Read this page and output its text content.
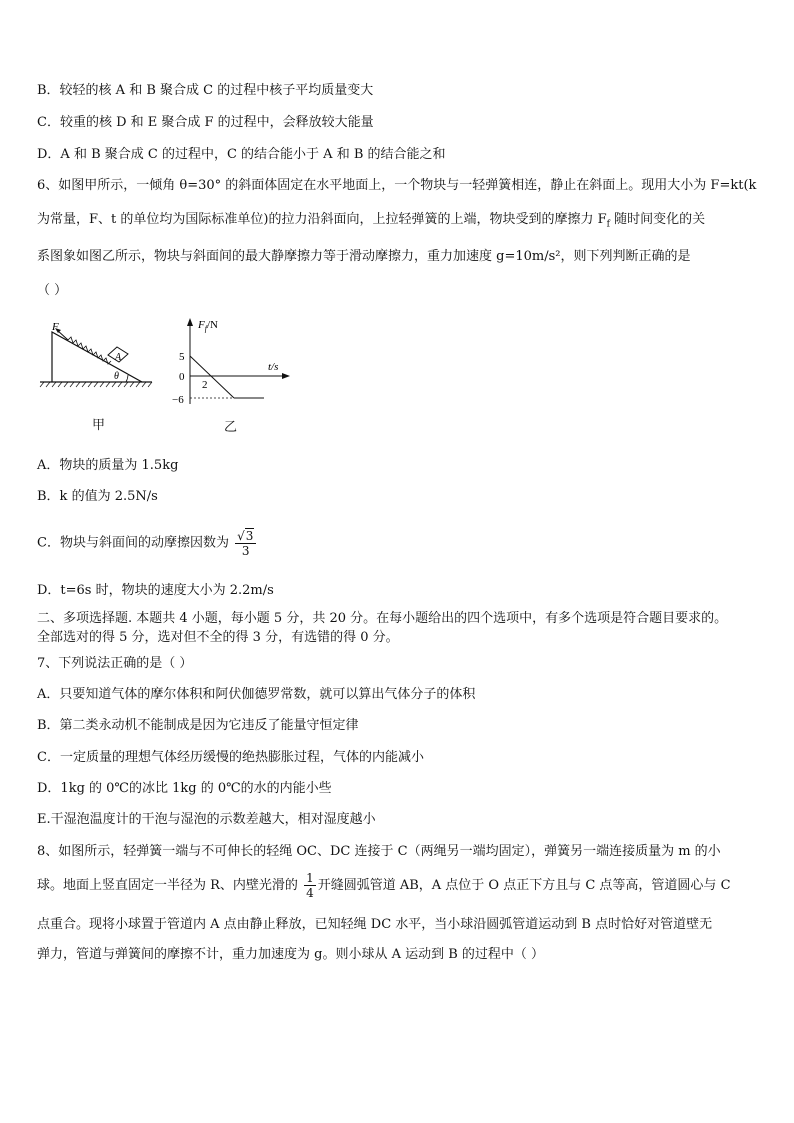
B．较轻的核 A 和 B 聚合成 C 的过程中核子平均质量变大
C．较重的核 D 和 E 聚合成 F 的过程中，会释放较大能量
D．A 和 B 聚合成 C 的过程中，C 的结合能小于 A 和 B 的结合能之和
6、如图甲所示，一倾角 θ=30° 的斜面体固定在水平地面上，一个物块与一轻弹簧相连，静止在斜面上。现用大小为 F=kt(k
为常量，F、t 的单位均为国际标准单位)的拉力沿斜面向，上拉轻弹簧的上端，物块受到的摩擦力 $F_f$ 随时间变化的关
系图象如图乙所示，物块与斜面间的最大静摩擦力等于滑动摩擦力，重力加速度 g=10m/s²，则下列判断正确的是
（ ）
F
A
θ
甲
$F_f/N$
t/s
5
0
−6
2
乙
A．物块的质量为 1.5kg
B．k 的值为 2.5N/s
C．物块与斜面间的动摩擦因数为 $\frac{√3}{3}$
D．t=6s 时，物块的速度大小为 2.2m/s
二、多项选择题. 本题共 4 小题，每小题 5 分，共 20 分。在每小题给出的四个选项中，有多个选项是符合题目要求的。
全部选对的得 5 分，选对但不全的得 3 分，有选错的得 0 分。
7、下列说法正确的是（ ）
A．只要知道气体的摩尔体积和阿伏伽德罗常数，就可以算出气体分子的体积
B．第二类永动机不能制成是因为它违反了能量守恒定律
C．一定质量的理想气体经历缓慢的绝热膨胀过程，气体的内能减小
D．1kg 的 0℃的冰比 1kg 的 0℃的水的内能小些
E.干湿泡温度计的干泡与湿泡的示数差越大，相对湿度越小
8、如图所示，轻弹簧一端与不可伸长的轻绳 OC、DC 连接于 C（两绳另一端均固定），弹簧另一端连接质量为 m 的小
球。地面上竖直固定一半径为 R、内壁光滑的 $\frac{1}{4}$ 开缝圆弧管道 AB，A 点位于 O 点正下方且与 C 点等高，管道圆心与 C
点重合。现将小球置于管道内 A 点由静止释放，已知轻绳 DC 水平，当小球沿圆弧管道运动到 B 点时恰好对管道壁无
弹力，管道与弹簧间的摩擦不计，重力加速度为 g。则小球从 A 运动到 B 的过程中（ ）
